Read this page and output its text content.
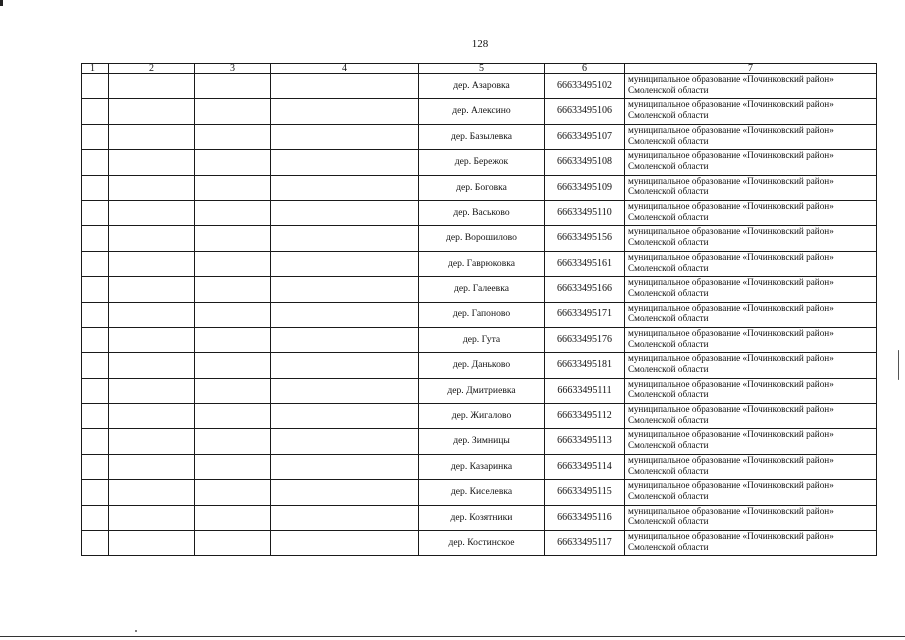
128
1	2	3	4	5	6	7
				дер. Азаровка	66633495102	муниципальное образование «Починковский район»
Смоленской области

				дер. Алексино	66633495106	муниципальное образование «Починковский район»
Смоленской области

				дер. Базылевка	66633495107	муниципальное образование «Починковский район»
Смоленской области

				дер. Бережок	66633495108	муниципальное образование «Починковский район»
Смоленской области

				дер. Боговка	66633495109	муниципальное образование «Починковский район»
Смоленской области

				дер. Васьково	66633495110	муниципальное образование «Починковский район»
Смоленской области

				дер. Ворошилово	66633495156	муниципальное образование «Починковский район»
Смоленской области

				дер. Гаврюковка	66633495161	муниципальное образование «Починковский район»
Смоленской области

				дер. Галеевка	66633495166	муниципальное образование «Починковский район»
Смоленской области

				дер. Гапоново	66633495171	муниципальное образование «Починковский район»
Смоленской области

				дер. Гута	66633495176	муниципальное образование «Починковский район»
Смоленской области

				дер. Даньково	66633495181	муниципальное образование «Починковский район»
Смоленской области

				дер. Дмитриевка	66633495111	муниципальное образование «Починковский район»
Смоленской области

				дер. Жигалово	66633495112	муниципальное образование «Починковский район»
Смоленской области

				дер. Зимницы	66633495113	муниципальное образование «Починковский район»
Смоленской области

				дер. Казаринка	66633495114	муниципальное образование «Починковский район»
Смоленской области

				дер. Киселевка	66633495115	муниципальное образование «Починковский район»
Смоленской области

				дер. Козятники	66633495116	муниципальное образование «Починковский район»
Смоленской области

				дер. Костинское	66633495117	муниципальное образование «Починковский район»
Смоленской области
